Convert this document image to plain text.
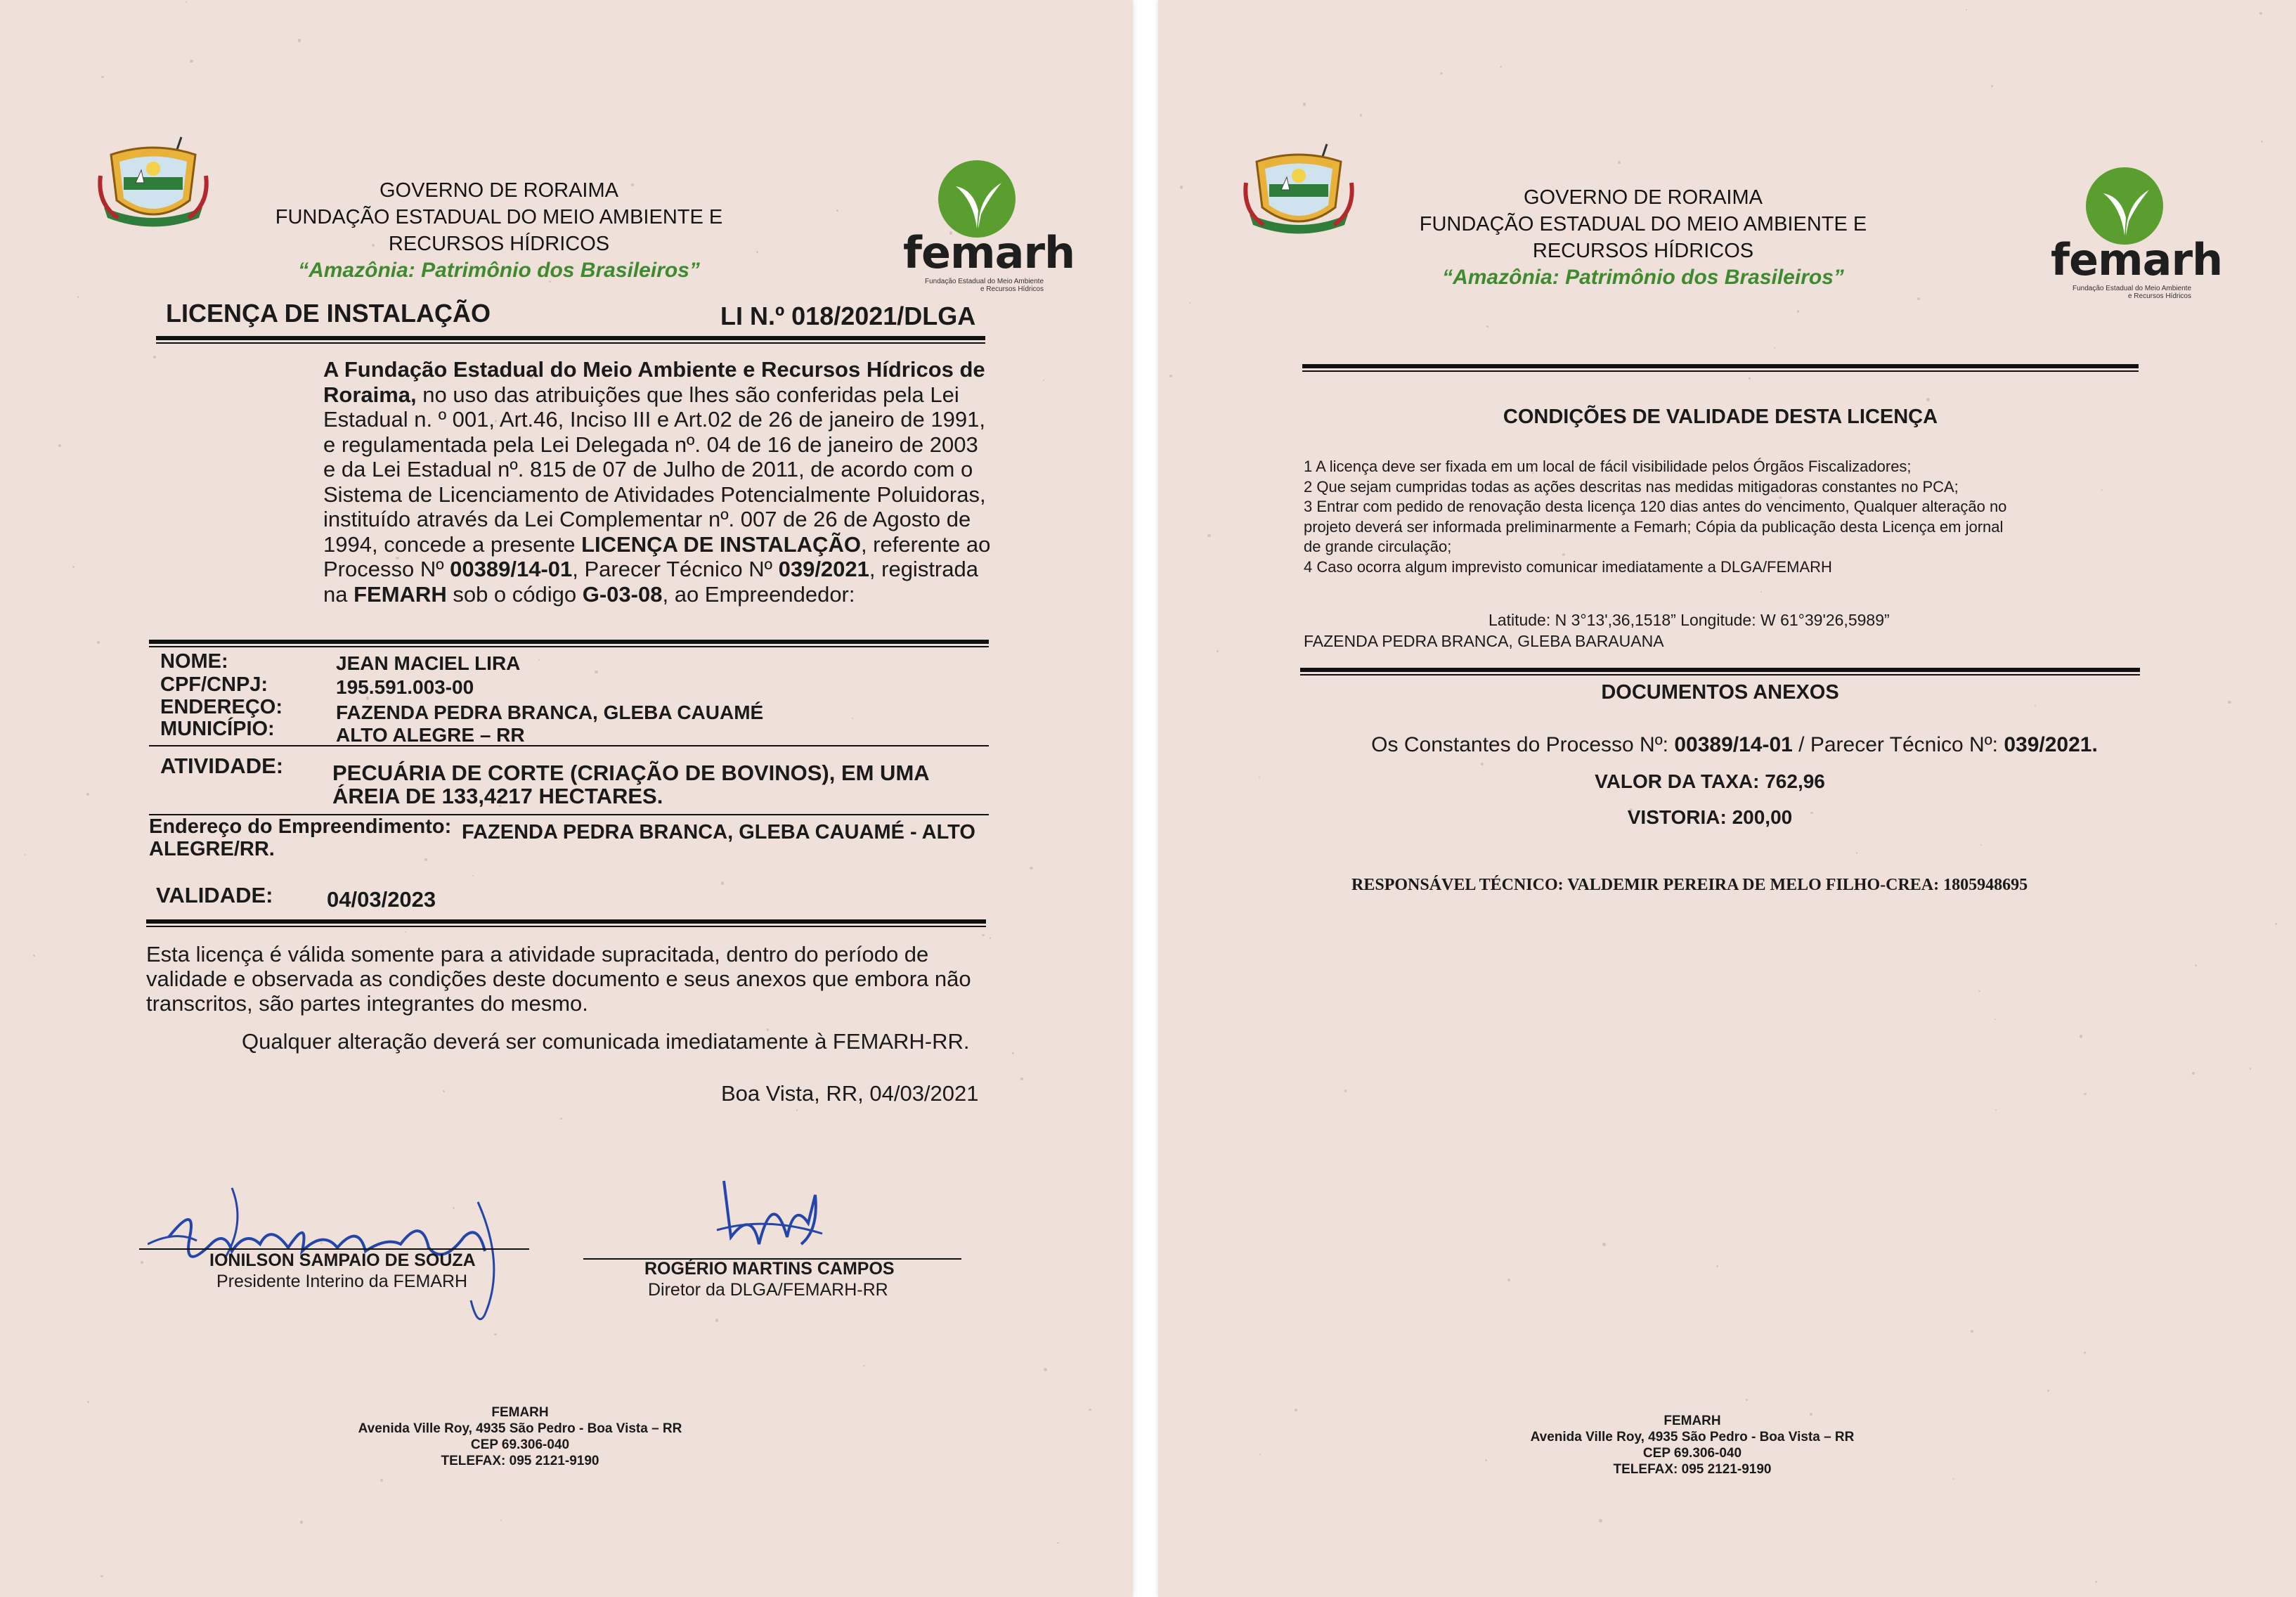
GOVERNO DE RORAIMA
FUNDAÇÃO ESTADUAL DO MEIO AMBIENTE E
RECURSOS HÍDRICOS
“Amazônia: Patrimônio dos Brasileiros”	femarh
Fundação Estadual do Meio Ambiente
e Recursos Hídricos
LICENÇA DE INSTALAÇÃO	LI N.º 018/2021/DLGA
A Fundação Estadual do Meio Ambiente e Recursos Hídricos de
Roraima, no uso das atribuições que lhes são conferidas pela Lei
Estadual n. º 001, Art.46, Inciso III e Art.02 de 26 de janeiro de 1991,
e regulamentada pela Lei Delegada nº. 04 de 16 de janeiro de 2003
e da Lei Estadual nº. 815 de 07 de Julho de 2011, de acordo com o
Sistema de Licenciamento de Atividades Potencialmente Poluidoras,
instituído através da Lei Complementar nº. 007 de 26 de Agosto de
1994, concede a presente LICENÇA DE INSTALAÇÃO, referente ao
Processo Nº 00389/14-01, Parecer Técnico Nº 039/2021, registrada
na FEMARH sob o código G-03-08, ao Empreendedor:
NOME:	JEAN MACIEL LIRA
CPF/CNPJ:	195.591.003-00
ENDEREÇO:	FAZENDA PEDRA BRANCA, GLEBA CAUAMÉ
MUNICÍPIO:	ALTO ALEGRE – RR
ATIVIDADE: PECUÁRIA DE CORTE (CRIAÇÃO DE BOVINOS), EM UMA
ÁREIA DE 133,4217 HECTARES.
Endereço do Empreendimento: FAZENDA PEDRA BRANCA, GLEBA CAUAMÉ - ALTO
ALEGRE/RR.
VALIDADE: 04/03/2023
Esta licença é válida somente para a atividade supracitada, dentro do período de
validade e observada as condições deste documento e seus anexos que embora não
transcritos, são partes integrantes do mesmo.
Qualquer alteração deverá ser comunicada imediatamente à FEMARH-RR.
Boa Vista, RR, 04/03/2021
IONILSON SAMPAIO DE SOUZA
Presidente Interino da FEMARH
ROGÉRIO MARTINS CAMPOS
Diretor da DLGA/FEMARH-RR
FEMARH
Avenida Ville Roy, 4935 São Pedro - Boa Vista – RR
CEP 69.306-040
TELEFAX: 095 2121-9190
GOVERNO DE RORAIMA
FUNDAÇÃO ESTADUAL DO MEIO AMBIENTE E
RECURSOS HÍDRICOS
“Amazônia: Patrimônio dos Brasileiros”	femarh
Fundação Estadual do Meio Ambiente
e Recursos Hídricos
CONDIÇÕES DE VALIDADE DESTA LICENÇA
1 A licença deve ser fixada em um local de fácil visibilidade pelos Órgãos Fiscalizadores;
2 Que sejam cumpridas todas as ações descritas nas medidas mitigadoras constantes no PCA;
3 Entrar com pedido de renovação desta licença 120 dias antes do vencimento, Qualquer alteração no
projeto deverá ser informada preliminarmente a Femarh; Cópia da publicação desta Licença em jornal
de grande circulação;
4 Caso ocorra algum imprevisto comunicar imediatamente a DLGA/FEMARH
Latitude: N 3°13',36,1518” Longitude: W 61°39'26,5989”
FAZENDA PEDRA BRANCA, GLEBA BARAUANA
DOCUMENTOS ANEXOS
Os Constantes do Processo Nº: 00389/14-01 / Parecer Técnico Nº: 039/2021.
VALOR DA TAXA: 762,96
VISTORIA: 200,00
RESPONSÁVEL TÉCNICO: VALDEMIR PEREIRA DE MELO FILHO-CREA: 1805948695
FEMARH
Avenida Ville Roy, 4935 São Pedro - Boa Vista – RR
CEP 69.306-040
TELEFAX: 095 2121-9190
